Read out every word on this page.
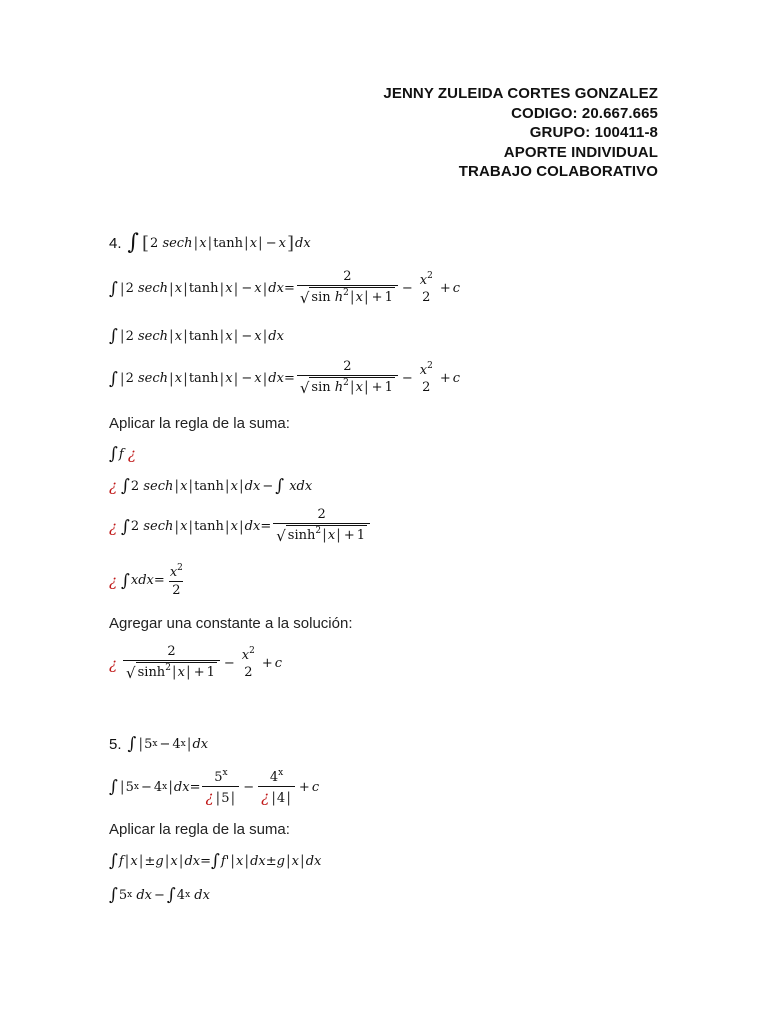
JENNY ZULEIDA CORTES GONZALEZ
CODIGO: 20.667.665
GRUPO: 100411-8
APORTE INDIVIDUAL
TRABAJO COLABORATIVO
4. ∫ [ 2
sech | x | tanh | x | − x ] dx
∫ | 2
sech | x | tanh | x | − x | dx = $\frac{2}{√ \sin h^2|x| + 1}$ −
$x^2$
2
+ c
∫ | 2
sech | x | tanh | x | − x | dx
∫ | 2
sech | x | tanh | x | − x | dx = $\frac{2}{√ \sin h^2|x| + 1}$ −
$x^2$
2
+ c
Aplicar la regla de la suma:
∫ f
¿
¿ ∫ 2
sech | x | tanh | x | dx − ∫
xdx
¿ ∫ 2
sech | x | tanh | x | dx = $\frac{2}{√ \sinh^2|x| + 1}$
¿ ∫ xdx = $\frac{x^2}{2}$
Agregar una constante a la solución:
¿ $\frac{2}{√ \sinh^2|x| + 1}$ −
$x^2$
2
+ c
5. ∫ | 5 x − 4 x | dx
∫ | 5 x − 4 x | dx = $\frac{5^x}{¿ |5|} - \frac{4^x}{¿ |4|} + c$
Aplicar la regla de la suma:
∫ f | x | ± g | x | dx = ∫ f' | x | dx ± g | x | dx
∫ 5 x
dx − ∫ 4 x
dx
